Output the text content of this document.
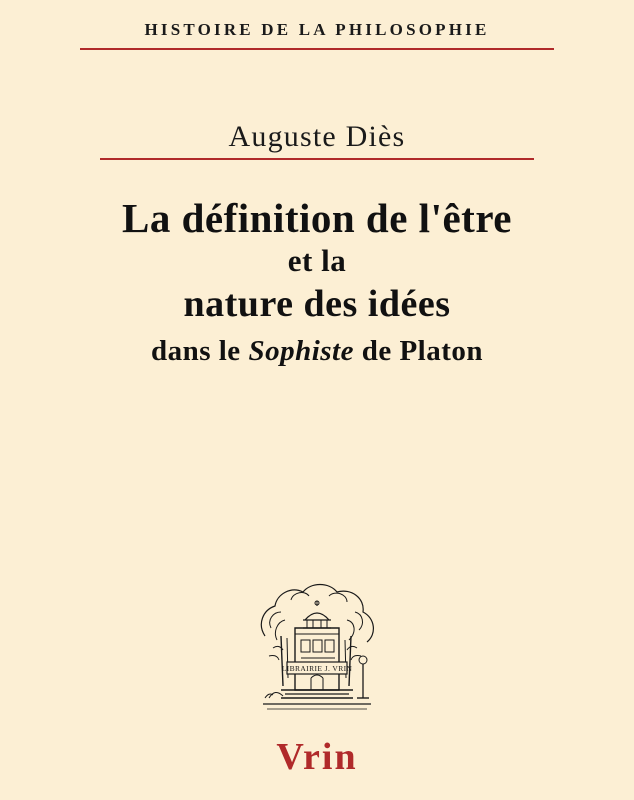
HISTOIRE DE LA PHILOSOPHIE
Auguste Diès
La définition de l'être
et la
nature des idées
dans le Sophiste de Platon
LIBRAIRIE J. VRIN
Vrin
